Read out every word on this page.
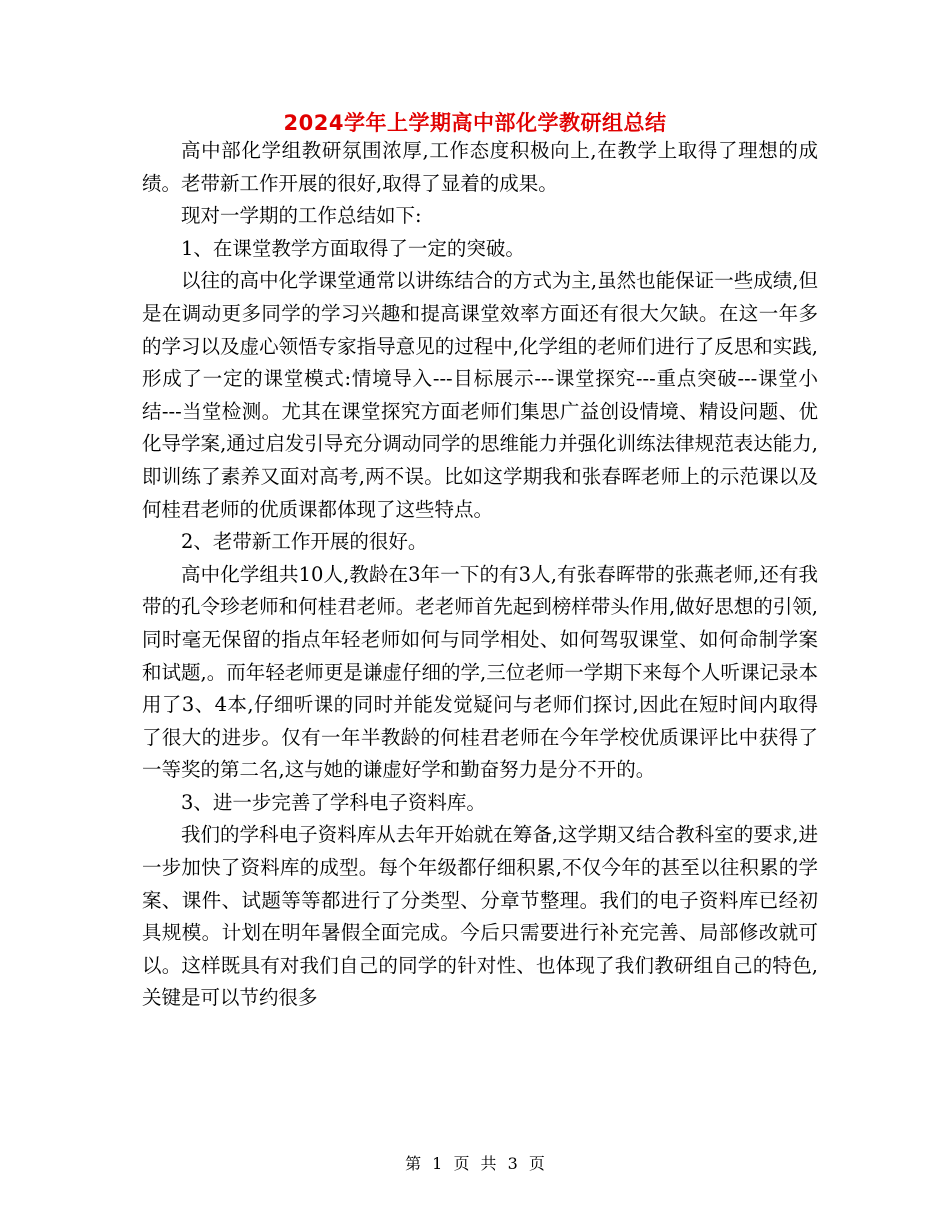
2024学年上学期高中部化学教研组总结

高中部化学组教研氛围浓厚,工作态度积极向上,在教学上取得了理想的成绩。老带新工作开展的很好,取得了显着的成果。

现对一学期的工作总结如下:

1、在课堂教学方面取得了一定的突破。

以往的高中化学课堂通常以讲练结合的方式为主,虽然也能保证一些成绩,但是在调动更多同学的学习兴趣和提高课堂效率方面还有很大欠缺。在这一年多的学习以及虚心领悟专家指导意见的过程中,化学组的老师们进行了反思和实践,形成了一定的课堂模式:情境导入---目标展示---课堂探究---重点突破---课堂小结---当堂检测。尤其在课堂探究方面老师们集思广益创设情境、精设问题、优化导学案,通过启发引导充分调动同学的思维能力并强化训练法律规范表达能力,即训练了素养又面对高考,两不误。比如这学期我和张春晖老师上的示范课以及何桂君老师的优质课都体现了这些特点。

2、老带新工作开展的很好。

高中化学组共10人,教龄在3年一下的有3人,有张春晖带的张燕老师,还有我带的孔令珍老师和何桂君老师。老老师首先起到榜样带头作用,做好思想的引领,同时毫无保留的指点年轻老师如何与同学相处、如何驾驭课堂、如何命制学案和试题,。而年轻老师更是谦虚仔细的学,三位老师一学期下来每个人听课记录本用了3、4本,仔细听课的同时并能发觉疑问与老师们探讨,因此在短时间内取得了很大的进步。仅有一年半教龄的何桂君老师在今年学校优质课评比中获得了一等奖的第二名,这与她的谦虚好学和勤奋努力是分不开的。

3、进一步完善了学科电子资料库。

我们的学科电子资料库从去年开始就在筹备,这学期又结合教科室的要求,进一步加快了资料库的成型。每个年级都仔细积累,不仅今年的甚至以往积累的学案、课件、试题等等都进行了分类型、分章节整理。我们的电子资料库已经初具规模。计划在明年暑假全面完成。今后只需要进行补充完善、局部修改就可以。这样既具有对我们自己的同学的针对性、也体现了我们教研组自己的特色,关键是可以节约很多

第 1 页 共 3 页
